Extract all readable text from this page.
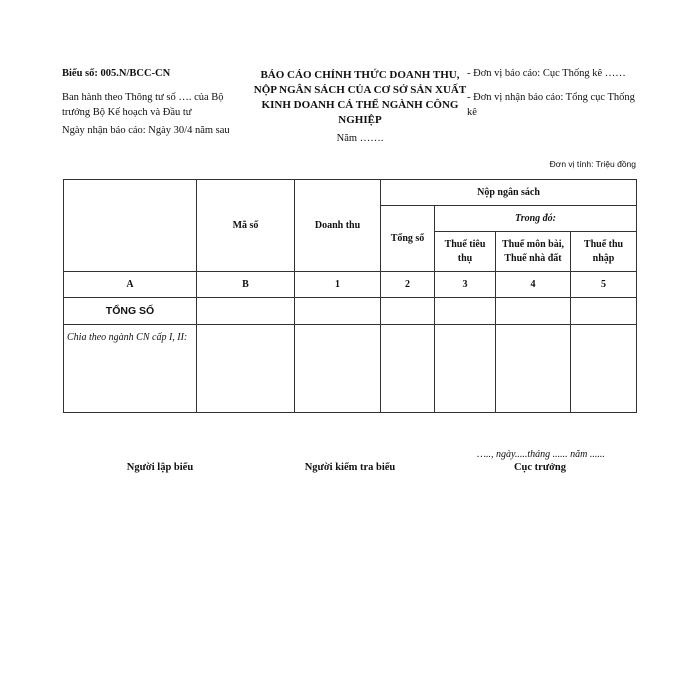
Biểu số: 005.N/BCC-CN
Ban hành theo Thông tư số …. của Bộ trưởng Bộ Kế hoạch và Đầu tư
Ngày nhận báo cáo: Ngày 30/4 năm sau
BÁO CÁO CHÍNH THỨC DOANH THU, NỘP NGÂN SÁCH CỦA CƠ SỞ SẢN XUẤT KINH DOANH CÁ THỂ NGÀNH CÔNG NGHIỆP
Năm …….
- Đơn vị báo cáo: Cục Thống kê ……
- Đơn vị nhận báo cáo: Tổng cục Thống kê
Đơn vị tính: Triệu đồng
	Mã số	Doanh thu	Nộp ngân sách			
			Tổng số	Trong đó:		
				Thuế tiêu thụ	Thuế môn bài, Thuế nhà đất	Thuế thu nhập
A	B	1	2	3	4	5
TỔNG SỐ						
Chia theo ngành CN cấp I, II:						
….., ngày.....tháng ...... năm ......
Người lập biểu	Người kiểm tra biểu	Cục trưởng
